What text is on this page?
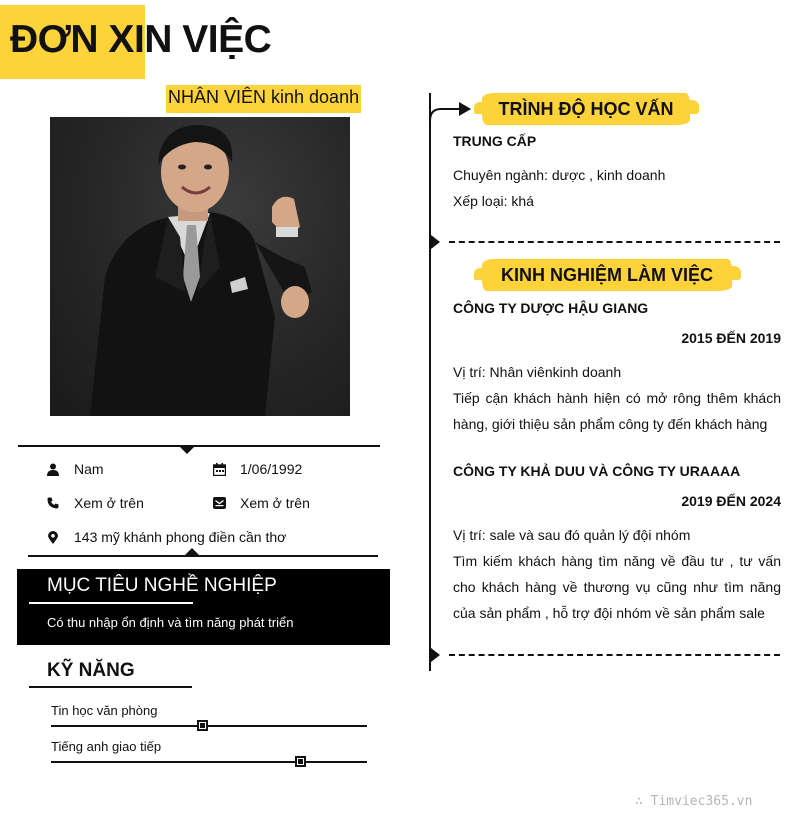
ĐƠN XIN VIỆC
NHÂN VIÊN kinh doanh
Nam	1/06/1992
Xem ở trên	Xem ở trên
143 mỹ khánh phong điền cần thơ
MỤC TIÊU NGHỀ NGHIỆP
Có thu nhập ổn định và tìm năng phát triển
KỸ NĂNG
Tin học văn phòng
Tiếng anh giao tiếp
TRÌNH ĐỘ HỌC VẤN
TRUNG CẤP
Chuyên ngành: dược , kinh doanh
Xếp loại: khá
KINH NGHIỆM LÀM VIỆC
CÔNG TY DƯỢC HẬU GIANG
2015 ĐẾN 2019
Vị trí: Nhân viênkinh doanh
Tiếp cận khách hành hiện có mở rông thêm khách hàng, giới thiệu sản phẩm công ty đến khách hàng
CÔNG TY KHẢ DUU VÀ CÔNG TY URAAAA
2019 ĐẾN 2024
Vị trí: sale và sau đó quản lý đội nhóm
Tìm kiếm khách hàng tìm năng về đầu tư , tư vấn cho khách hàng về thương vụ cũng như tìm năng của sản phẩm , hỗ trợ đội nhóm về sản phẩm sale
∴ Timviec365.vn
